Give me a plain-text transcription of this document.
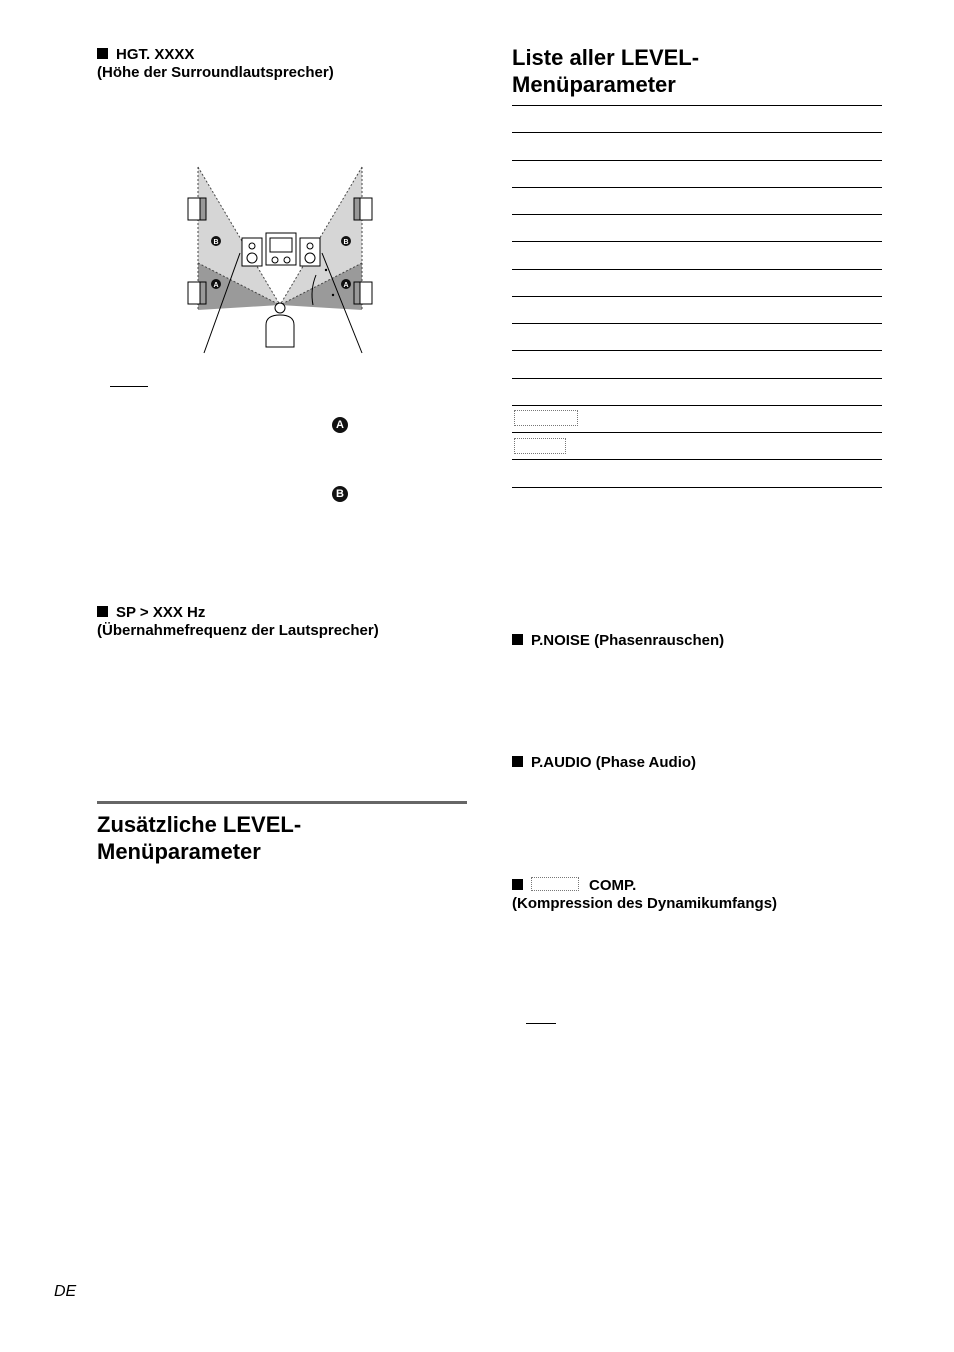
HGT. XXXX
(Höhe der Surroundlautsprecher)
B	B
A	A
A
B
SP > XXX Hz
(Übernahmefrequenz der Lautsprecher)
Zusätzliche LEVEL-
Menüparameter
Liste aller LEVEL-
Menüparameter
P.NOISE (Phasenrauschen)
P.AUDIO (Phase Audio)
COMP.
(Kompression des Dynamikumfangs)
DE
